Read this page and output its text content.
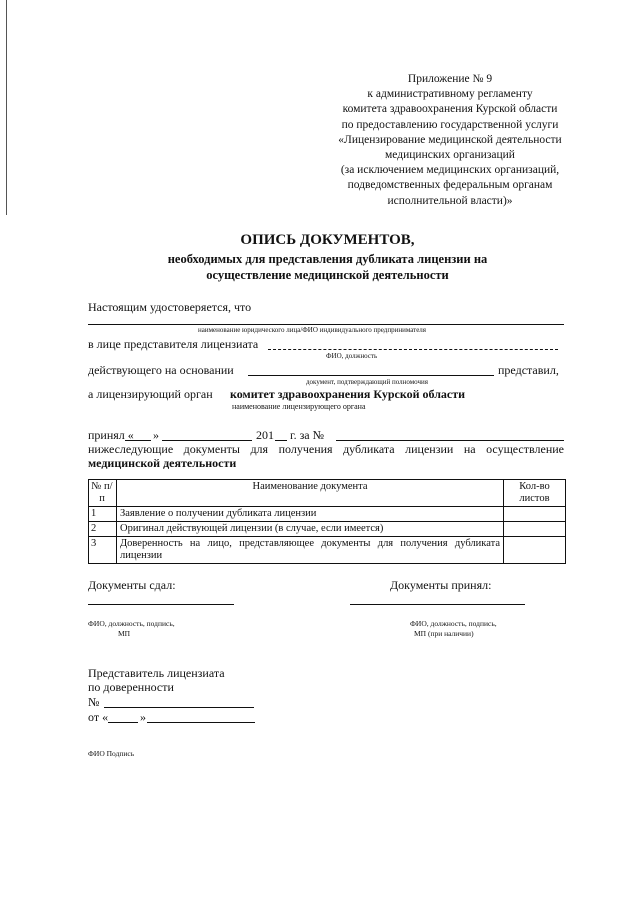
Приложение № 9
к административному регламенту
комитета здравоохранения Курской области
по предоставлению государственной услуги
«Лицензирование медицинской деятельности
медицинских организаций
(за исключением медицинских организаций,
подведомственных федеральным органам
исполнительной власти)»
ОПИСЬ ДОКУМЕНТОВ,
необходимых для представления дубликата лицензии на
осуществление медицинской деятельности
Настоящим удостоверяется, что
наименование юридического лица/ФИО индивидуального предпринимателя
в лице представителя лицензиата
ФИО, должность
действующего на основании	представил,
документ, подтверждающий полномочия
а лицензирующий орган комитет здравоохранения Курской области
наименование лицензирующего органа
принял « »	201 г. за №
нижеследующие документы для получения дубликата лицензии на осуществление
медицинской деятельности
№ п/п	Наименование документа	Кол-во листов
1	Заявление о получении дубликата лицензии	
2	Оригинал действующей лицензии (в случае, если имеется)	
3	Доверенность на лицо, представляющее документы для получения дубликата лицензии	
Документы сдал:	Документы принял:
ФИО, должность, подпись,
МП
ФИО, должность, подпись,
МП (при наличии)
Представитель лицензиата
по доверенности
№
от «	»
ФИО Подпись
